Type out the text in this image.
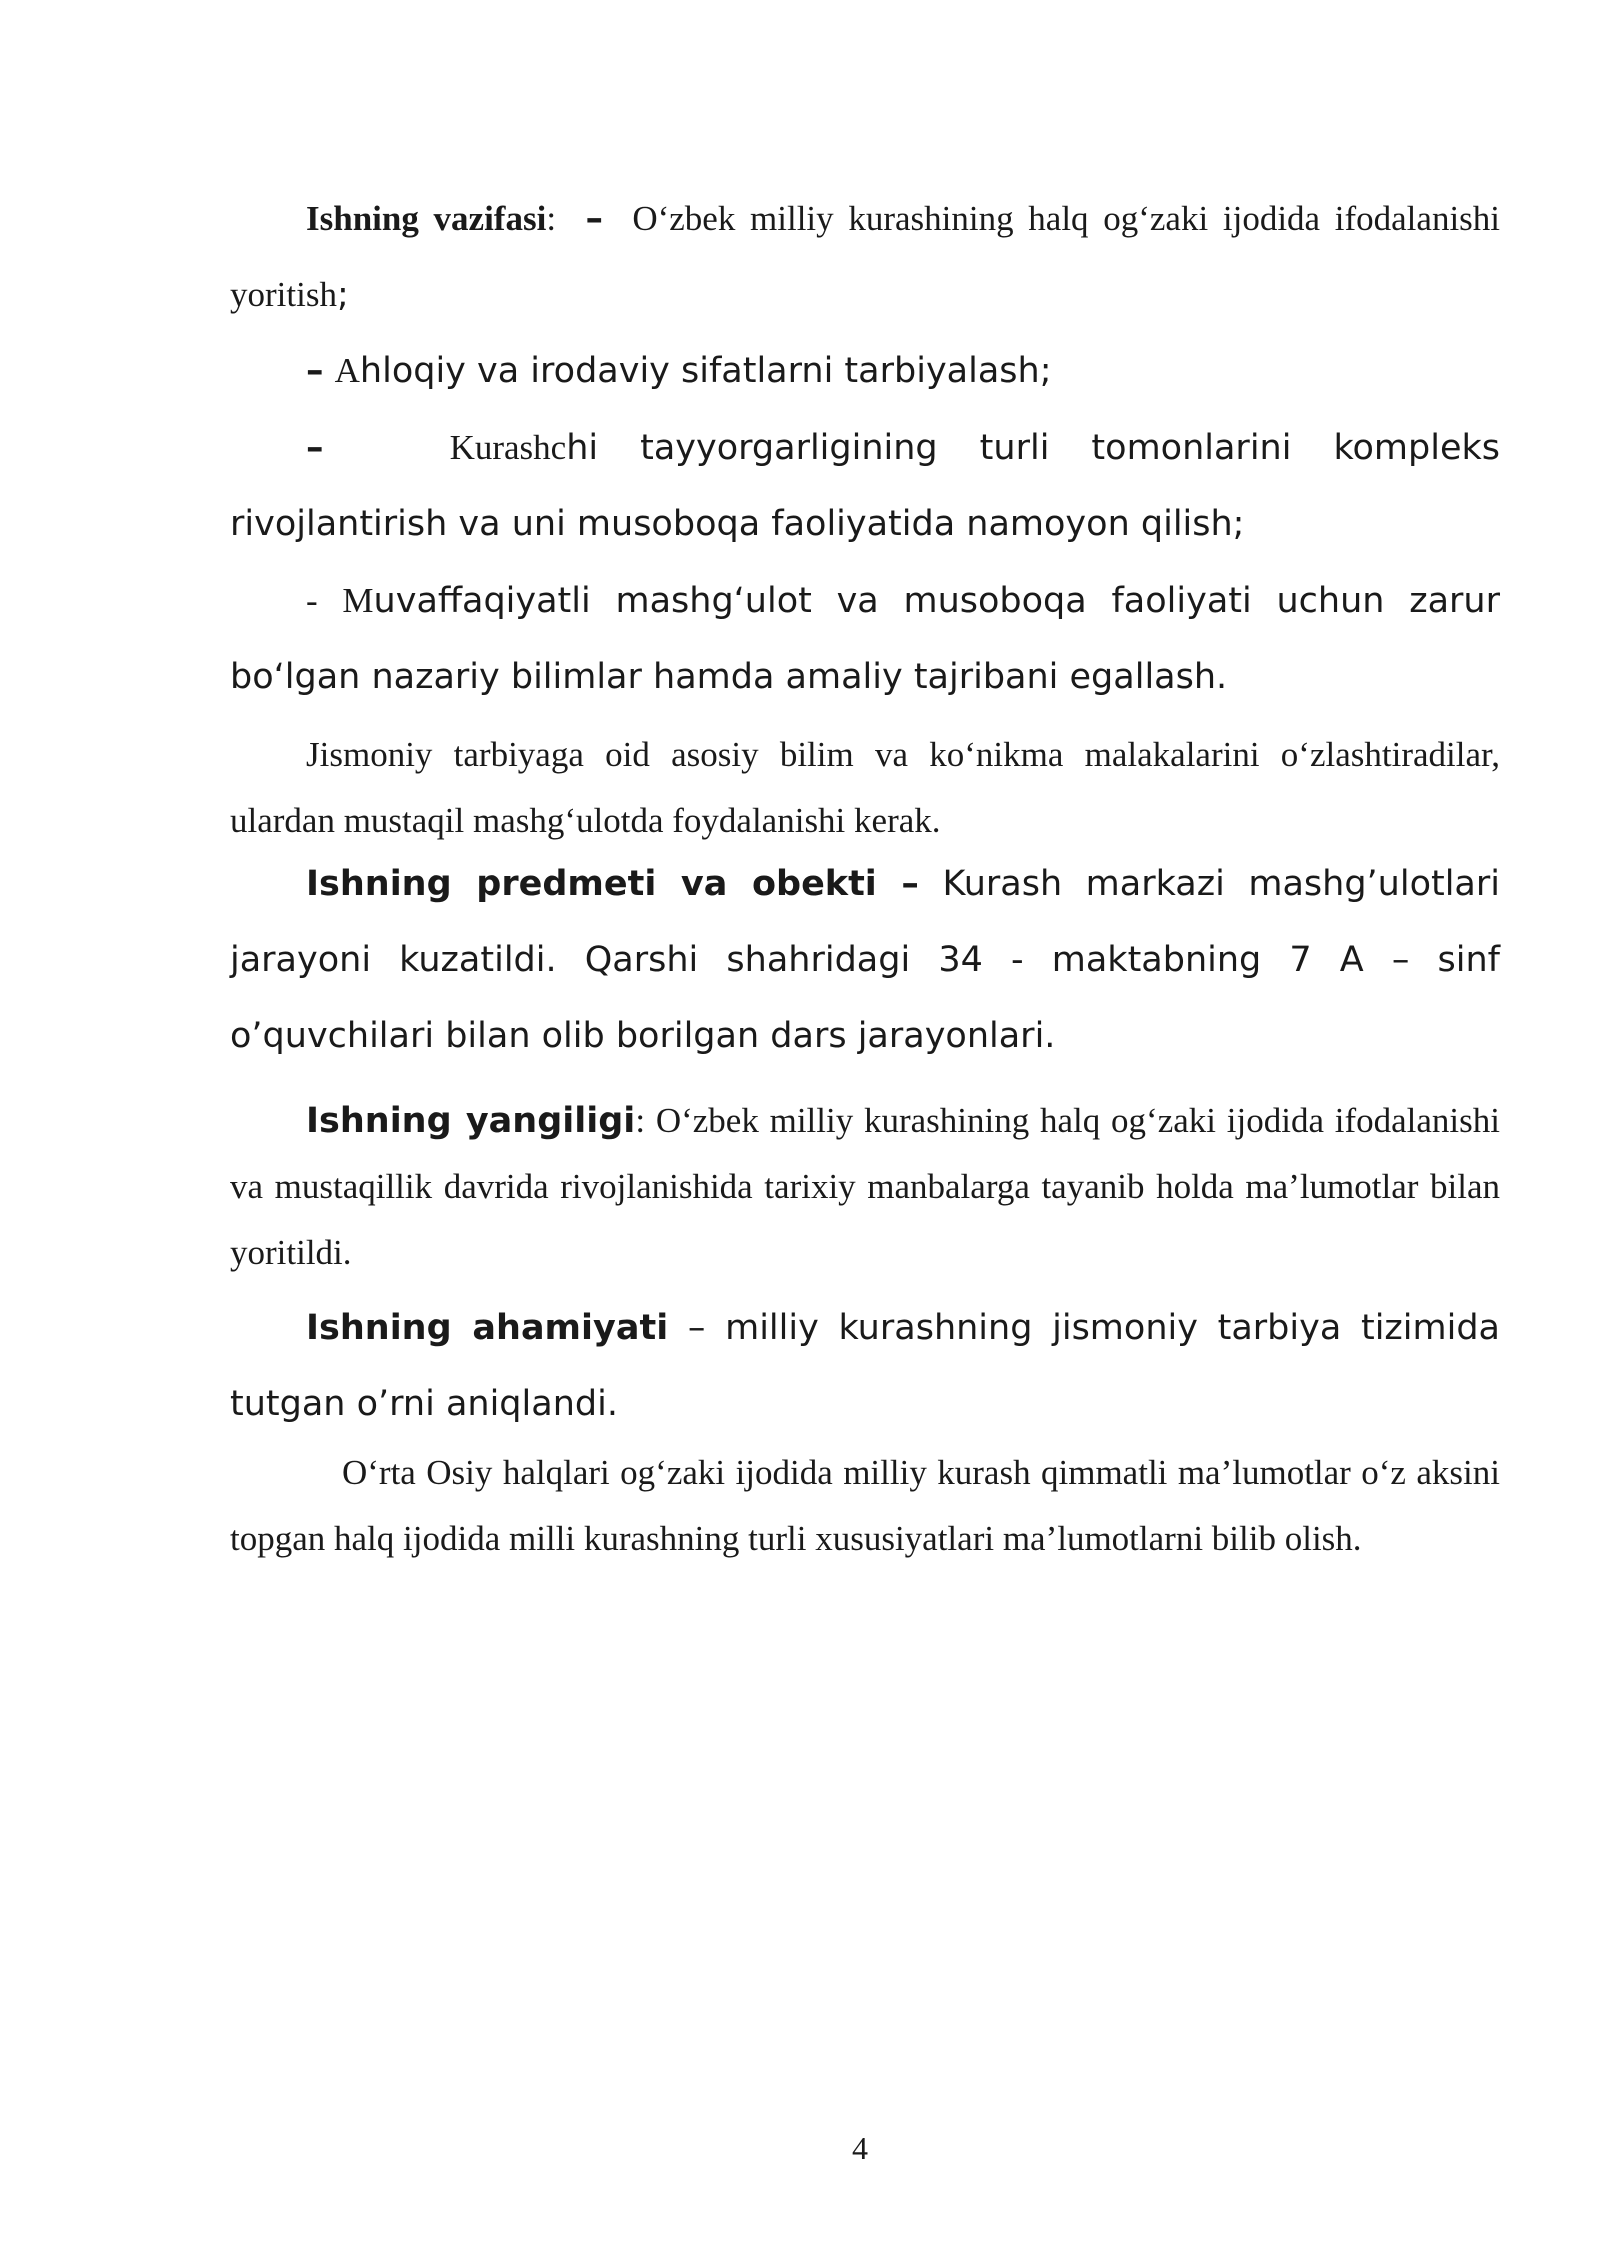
Ishning vazifasi: – O‘zbek milliy kurashining halq og‘zaki ijodida ifodalanishi yoritish;

– Ahloqiy va irodaviy sifatlarni tarbiyalash;

–	Kurashchi tayyorgarligining turli tomonlarini kompleks rivojlantirish va uni musoboqa faoliyatida namoyon qilish;

- Muvaffaqiyatli mashg‘ulot va musoboqa faoliyati uchun zarur bo‘lgan nazariy bilimlar hamda amaliy tajribani egallash.

Jismoniy tarbiyaga oid asosiy bilim va ko‘nikma malakalarini o‘zlashtiradilar, ulardan mustaqil mashg‘ulotda foydalanishi kerak.

Ishning predmeti va obekti – Kurash markazi mashg’ulotlari jarayoni kuzatildi. Qarshi shahridagi 34 - maktabning 7 A – sinf o’quvchilari bilan olib borilgan dars jarayonlari.

Ishning yangiligi: O‘zbek milliy kurashining halq og‘zaki ijodida ifodalanishi va mustaqillik davrida rivojlanishida tarixiy manbalarga tayanib holda ma’lumotlar bilan yoritildi.

Ishning ahamiyati – milliy kurashning jismoniy tarbiya tizimida tutgan o’rni aniqlandi.

O‘rta Osiy halqlari og‘zaki ijodida milliy kurash qimmatli ma’lumotlar o‘z aksini topgan halq ijodida milli kurashning turli xususiyatlari ma’lumotlarni bilib olish.

4
